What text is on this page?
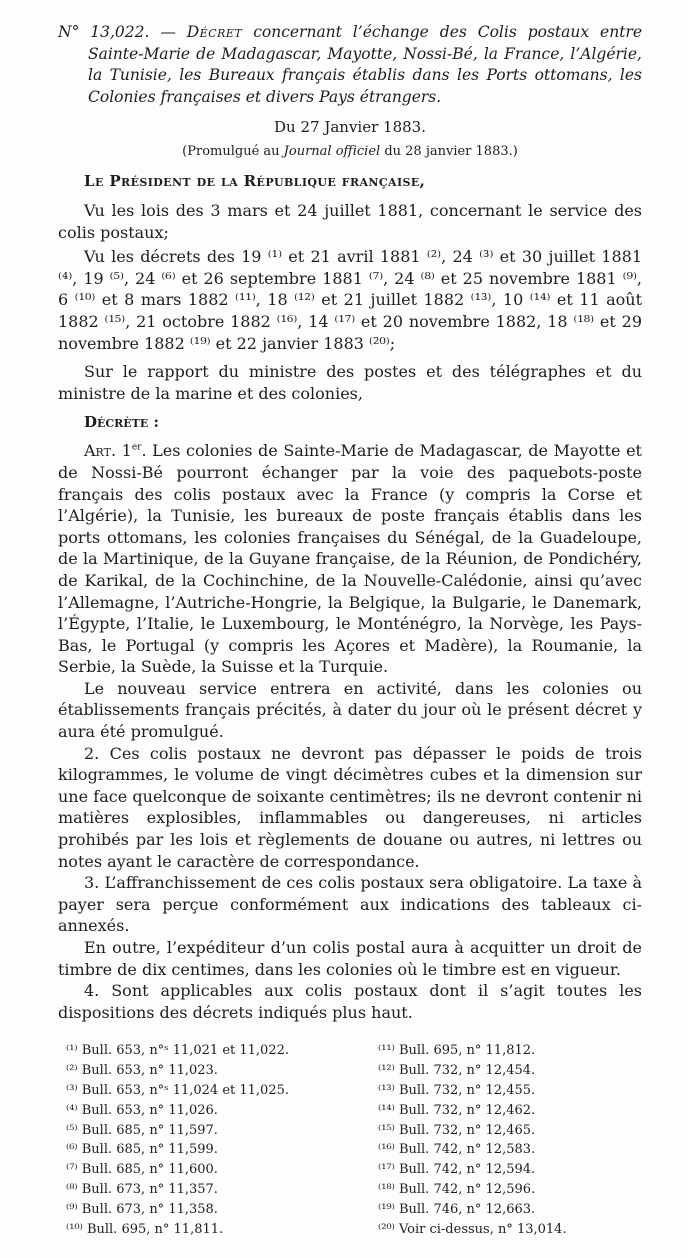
N° 13,022. — Décret concernant l’échange des Colis postaux entre Sainte-Marie de Madagascar, Mayotte, Nossi-Bé, la France, l’Algérie, la Tunisie, les Bureaux français établis dans les Ports ottomans, les Colonies françaises et divers Pays étrangers.

Du 27 Janvier 1883.

(Promulgué au Journal officiel du 28 janvier 1883.)

Le Président de la République française,

Vu les lois des 3 mars et 24 juillet 1881, concernant le service des colis postaux;

Vu les décrets des 19 ⁽¹⁾ et 21 avril 1881 ⁽²⁾, 24 ⁽³⁾ et 30 juillet 1881 ⁽⁴⁾, 19 ⁽⁵⁾, 24 ⁽⁶⁾ et 26 septembre 1881 ⁽⁷⁾, 24 ⁽⁸⁾ et 25 novembre 1881 ⁽⁹⁾, 6 ⁽¹⁰⁾ et 8 mars 1882 ⁽¹¹⁾, 18 ⁽¹²⁾ et 21 juillet 1882 ⁽¹³⁾, 10 ⁽¹⁴⁾ et 11 août 1882 ⁽¹⁵⁾, 21 octobre 1882 ⁽¹⁶⁾, 14 ⁽¹⁷⁾ et 20 novembre 1882, 18 ⁽¹⁸⁾ et 29 novembre 1882 ⁽¹⁹⁾ et 22 janvier 1883 ⁽²⁰⁾;

Sur le rapport du ministre des postes et des télégraphes et du ministre de la marine et des colonies,

Décrète :

Art. 1er. Les colonies de Sainte-Marie de Madagascar, de Mayotte et de Nossi-Bé pourront échanger par la voie des paquebots-poste français des colis postaux avec la France (y compris la Corse et l’Algérie), la Tunisie, les bureaux de poste français établis dans les ports ottomans, les colonies françaises du Sénégal, de la Guadeloupe, de la Martinique, de la Guyane française, de la Réunion, de Pondichéry, de Karikal, de la Cochinchine, de la Nouvelle-Calédonie, ainsi qu’avec l’Allemagne, l’Autriche-Hongrie, la Belgique, la Bulgarie, le Danemark, l’Égypte, l’Italie, le Luxembourg, le Monténégro, la Norvège, les Pays-Bas, le Portugal (y compris les Açores et Madère), la Roumanie, la Serbie, la Suède, la Suisse et la Turquie.

Le nouveau service entrera en activité, dans les colonies ou établissements français précités, à dater du jour où le présent décret y aura été promulgué.

2. Ces colis postaux ne devront pas dépasser le poids de trois kilogrammes, le volume de vingt décimètres cubes et la dimension sur une face quelconque de soixante centimètres; ils ne devront contenir ni matières explosibles, inflammables ou dangereuses, ni articles prohibés par les lois et règlements de douane ou autres, ni lettres ou notes ayant le caractère de correspondance.

3. L’affranchissement de ces colis postaux sera obligatoire. La taxe à payer sera perçue conformément aux indications des tableaux ci-annexés.

En outre, l’expéditeur d’un colis postal aura à acquitter un droit de timbre de dix centimes, dans les colonies où le timbre est en vigueur.

4. Sont applicables aux colis postaux dont il s’agit toutes les dispositions des décrets indiqués plus haut.

⁽¹⁾ Bull. 653, n°ˢ 11,021 et 11,022.
⁽²⁾ Bull. 653, n° 11,023.
⁽³⁾ Bull. 653, n°ˢ 11,024 et 11,025.
⁽⁴⁾ Bull. 653, n° 11,026.
⁽⁵⁾ Bull. 685, n° 11,597.
⁽⁶⁾ Bull. 685, n° 11,599.
⁽⁷⁾ Bull. 685, n° 11,600.
⁽⁸⁾ Bull. 673, n° 11,357.
⁽⁹⁾ Bull. 673, n° 11,358.
⁽¹⁰⁾ Bull. 695, n° 11,811.
⁽¹¹⁾ Bull. 695, n° 11,812.
⁽¹²⁾ Bull. 732, n° 12,454.
⁽¹³⁾ Bull. 732, n° 12,455.
⁽¹⁴⁾ Bull. 732, n° 12,462.
⁽¹⁵⁾ Bull. 732, n° 12,465.
⁽¹⁶⁾ Bull. 742, n° 12,583.
⁽¹⁷⁾ Bull. 742, n° 12,594.
⁽¹⁸⁾ Bull. 742, n° 12,596.
⁽¹⁹⁾ Bull. 746, n° 12,663.
⁽²⁰⁾ Voir ci-dessus, n° 13,014.
